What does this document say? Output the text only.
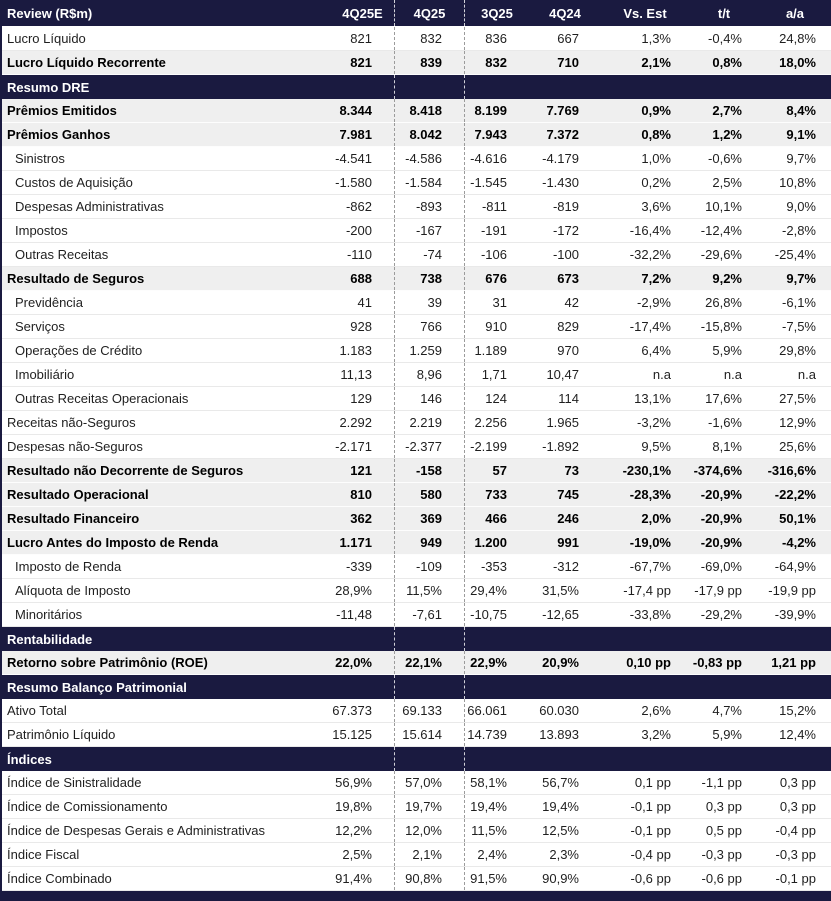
Review (R$m)	4Q25E	4Q25	3Q25	4Q24	Vs. Est	t/t	a/a
Lucro Líquido	821	832	836	667	1,3%	-0,4%	24,8%
Lucro Líquido Recorrente	821	839	832	710	2,1%	0,8%	18,0%
Resumo DRE
Prêmios Emitidos	8.344	8.418	8.199	7.769	0,9%	2,7%	8,4%
Prêmios Ganhos	7.981	8.042	7.943	7.372	0,8%	1,2%	9,1%
Sinistros	-4.541	-4.586	-4.616	-4.179	1,0%	-0,6%	9,7%
Custos de Aquisição	-1.580	-1.584	-1.545	-1.430	0,2%	2,5%	10,8%
Despesas Administrativas	-862	-893	-811	-819	3,6%	10,1%	9,0%
Impostos	-200	-167	-191	-172	-16,4%	-12,4%	-2,8%
Outras Receitas	-110	-74	-106	-100	-32,2%	-29,6%	-25,4%
Resultado de Seguros	688	738	676	673	7,2%	9,2%	9,7%
Previdência	41	39	31	42	-2,9%	26,8%	-6,1%
Serviços	928	766	910	829	-17,4%	-15,8%	-7,5%
Operações de Crédito	1.183	1.259	1.189	970	6,4%	5,9%	29,8%
Imobiliário	11,13	8,96	1,71	10,47	n.a	n.a	n.a
Outras Receitas Operacionais	129	146	124	114	13,1%	17,6%	27,5%
Receitas não-Seguros	2.292	2.219	2.256	1.965	-3,2%	-1,6%	12,9%
Despesas não-Seguros	-2.171	-2.377	-2.199	-1.892	9,5%	8,1%	25,6%
Resultado não Decorrente de Seguros	121	-158	57	73	-230,1%	-374,6%	-316,6%
Resultado Operacional	810	580	733	745	-28,3%	-20,9%	-22,2%
Resultado Financeiro	362	369	466	246	2,0%	-20,9%	50,1%
Lucro Antes do Imposto de Renda	1.171	949	1.200	991	-19,0%	-20,9%	-4,2%
Imposto de Renda	-339	-109	-353	-312	-67,7%	-69,0%	-64,9%
Alíquota de Imposto	28,9%	11,5%	29,4%	31,5%	-17,4 pp	-17,9 pp	-19,9 pp
Minoritários	-11,48	-7,61	-10,75	-12,65	-33,8%	-29,2%	-39,9%
Rentabilidade
Retorno sobre Patrimônio (ROE)	22,0%	22,1%	22,9%	20,9%	0,10 pp	-0,83 pp	1,21 pp
Resumo Balanço Patrimonial
Ativo Total	67.373	69.133	66.061	60.030	2,6%	4,7%	15,2%
Patrimônio Líquido	15.125	15.614	14.739	13.893	3,2%	5,9%	12,4%
Índices
Índice de Sinistralidade	56,9%	57,0%	58,1%	56,7%	0,1 pp	-1,1 pp	0,3 pp
Índice de Comissionamento	19,8%	19,7%	19,4%	19,4%	-0,1 pp	0,3 pp	0,3 pp
Índice de Despesas Gerais e Administrativas	12,2%	12,0%	11,5%	12,5%	-0,1 pp	0,5 pp	-0,4 pp
Índice Fiscal	2,5%	2,1%	2,4%	2,3%	-0,4 pp	-0,3 pp	-0,3 pp
Índice Combinado	91,4%	90,8%	91,5%	90,9%	-0,6 pp	-0,6 pp	-0,1 pp
